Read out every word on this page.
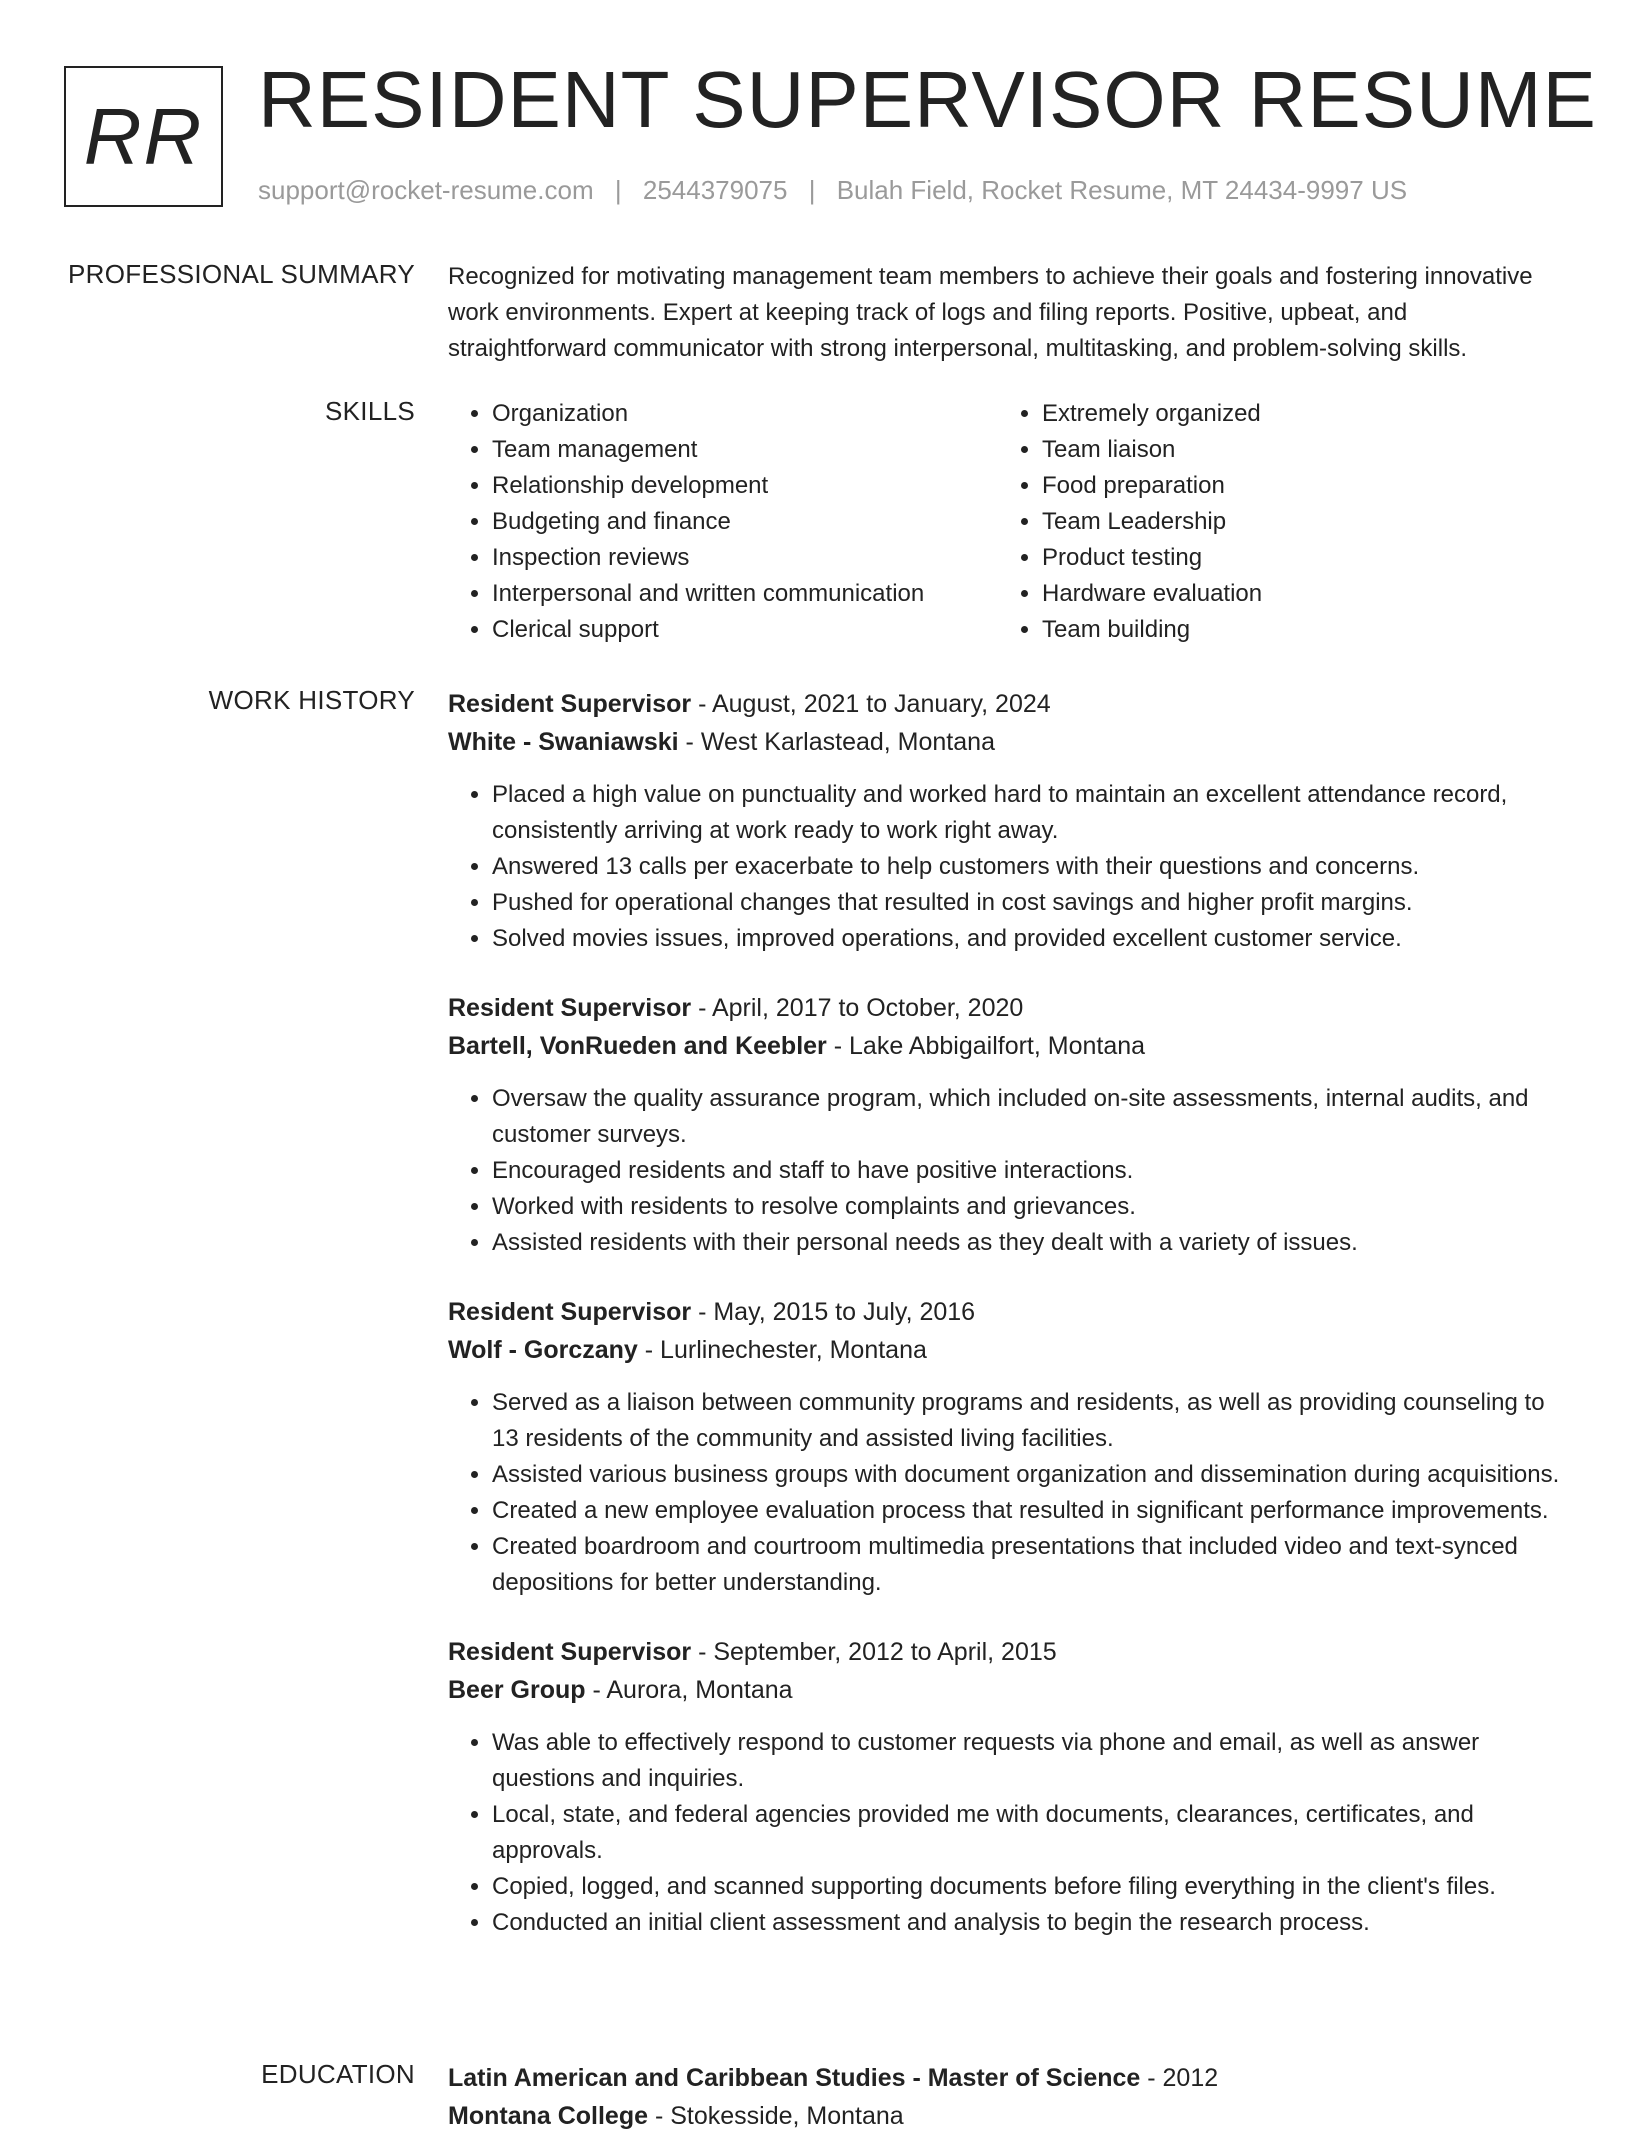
RR RESIDENT SUPERVISOR RESUME
support@rocket-resume.com | 2544379075 | Bulah Field, Rocket Resume, MT 24434-9997 US
PROFESSIONAL SUMMARY Recognized for motivating management team members to achieve their goals and fostering innovative work environments. Expert at keeping track of logs and filing reports. Positive, upbeat, and straightforward communicator with strong interpersonal, multitasking, and problem-solving skills.

SKILLS
•	Organization
• Team management
• Relationship development
• Budgeting and finance
• Inspection reviews
• Interpersonal and written communication
• Clerical support
• Extremely organized
• Team liaison
• Food preparation
• Team Leadership
• Product testing
• Hardware evaluation
• Team building
WORK HISTORY Resident Supervisor - August, 2021 to January, 2024
White - Swaniawski - West Karlastead, Montana
• Placed a high value on punctuality and worked hard to maintain an excellent attendance record, consistently arriving at work ready to work right away.
• Answered 13 calls per exacerbate to help customers with their questions and concerns.
• Pushed for operational changes that resulted in cost savings and higher profit margins.
• Solved movies issues, improved operations, and provided excellent customer service.
Resident Supervisor - April, 2017 to October, 2020
Bartell, VonRueden and Keebler - Lake Abbigailfort, Montana
• Oversaw the quality assurance program, which included on-site assessments, internal audits, and customer surveys.
• Encouraged residents and staff to have positive interactions.
• Worked with residents to resolve complaints and grievances.
• Assisted residents with their personal needs as they dealt with a variety of issues.
Resident Supervisor - May, 2015 to July, 2016
Wolf - Gorczany - Lurlinechester, Montana
• Served as a liaison between community programs and residents, as well as providing counseling to 13 residents of the community and assisted living facilities.
• Assisted various business groups with document organization and dissemination during acquisitions.
• Created a new employee evaluation process that resulted in significant performance improvements.
• Created boardroom and courtroom multimedia presentations that included video and text-synced depositions for better understanding.
Resident Supervisor - September, 2012 to April, 2015
Beer Group - Aurora, Montana
• Was able to effectively respond to customer requests via phone and email, as well as answer questions and inquiries.
• Local, state, and federal agencies provided me with documents, clearances, certificates, and approvals.
• Copied, logged, and scanned supporting documents before filing everything in the client's files.
• Conducted an initial client assessment and analysis to begin the research process.
EDUCATION Latin American and Caribbean Studies - Master of Science - 2012
Montana College - Stokesside, Montana
